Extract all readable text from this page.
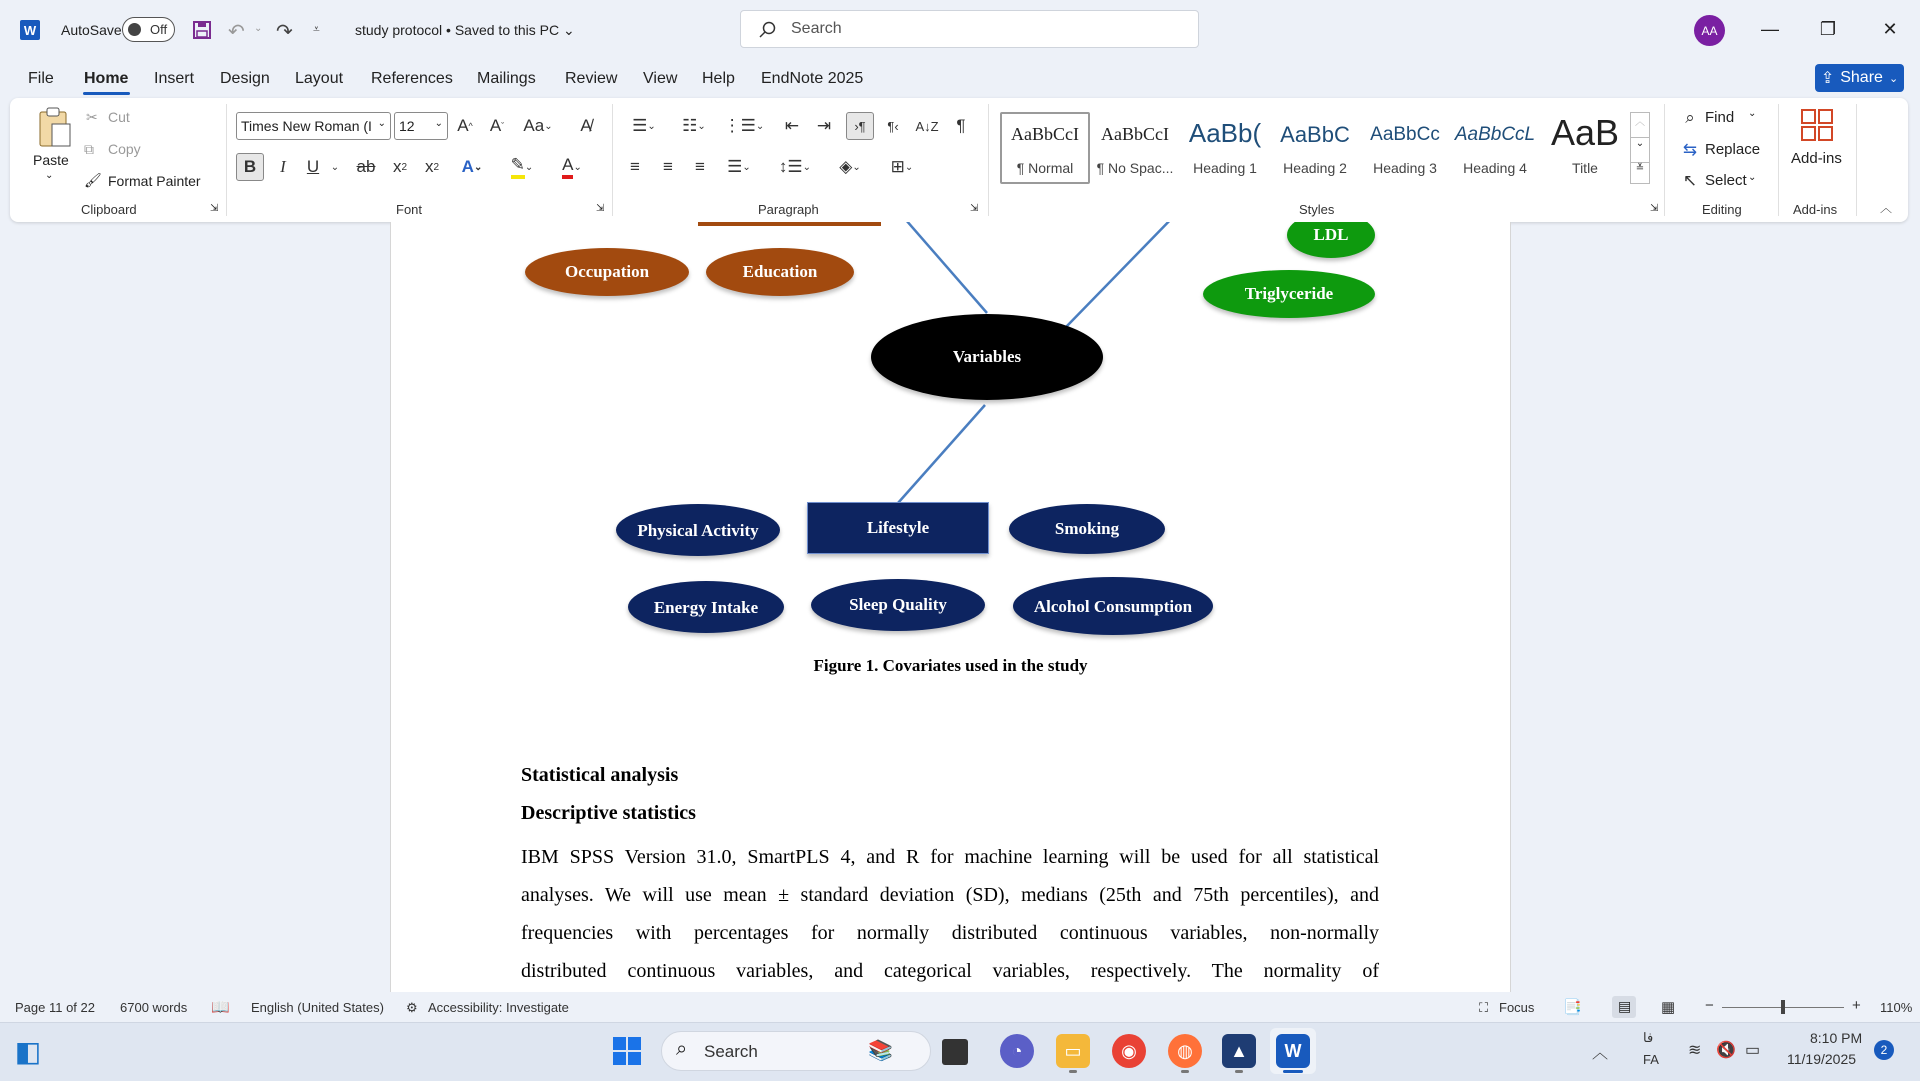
W AutoSave Off	↶ ⌄ ↷ ⩡	study protocol • Saved to this PC ⌄	Search	AA	—	❐	✕
File Home Insert Design Layout References Mailings Review View Help EndNote 2025	⇪ Share ⌄
Paste
⌄
✂ Cut
⧉ Copy
🖌 Format Painter
Clipboard	⇲
Times New Roman (I ⌄ 12 ⌄ A ^	A ˇ	Aa ⌄	A̸
B	I	U	⌄ ab	x 2	x 2	A ⌄ ✎ ⌄ A ⌄
Font	⇲
☰ ⌄	☷ ⌄ ⋮☰ ⌄	⇤	⇥	›¶	¶‹	A↓Z	¶
≡	≡	≡	☰ ⌄	↕☰ ⌄	◈ ⌄	⊞ ⌄
Paragraph	⇲
AaBbCcI
¶ Normal
AaBbCcI
¶ No Spac...
AaBb(
Heading 1
AaBbC
Heading 2
AaBbCc
Heading 3
AaBbCcL
Heading 4
AaB
Title
︿
⌄
≚
Styles	⇲
⌕ Find ⌄
⇆ Replace
↖ Select ⌄
Editing
Add-ins
Add-ins	︿
Occupation	Education
LDL
Triglyceride
Variables
Physical Activity	Lifestyle	Smoking
Energy Intake	Sleep Quality	Alcohol Consumption
Figure 1. Covariates used in the study
Statistical analysis
Descriptive statistics
IBM SPSS Version 31.0, SmartPLS 4, and R for machine learning will be used for all statistical
analyses. We will use mean ± standard deviation (SD), medians (25th and 75th percentiles), and
frequencies with percentages for normally distributed continuous variables, non-normally
distributed continuous variables, and categorical variables, respectively. The normality of
Page 11 of 22 6700 words 📖 English (United States) ⚙ Accessibility: Investigate	⛶ Focus 📑	▤ ▦ −	+ 110%
◧	⌕ Search	📚	◔	▭	◉	◍	▲	W	︿
فا
FA
≋ 🔇 ▭
8:10 PM
11/19/2025
2
